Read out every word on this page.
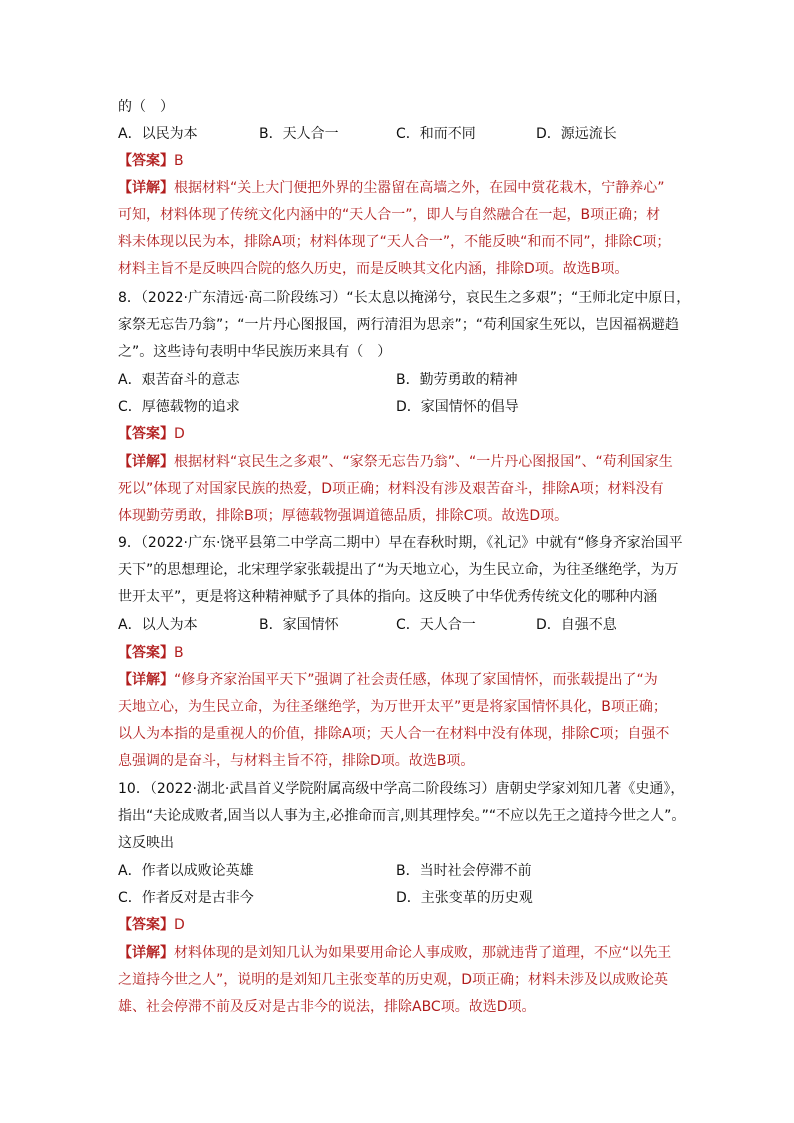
的（　）
A．以民为本	B．天人合一	C．和而不同	D．源远流长
【答案】B
【详解】根据材料“关上大门便把外界的尘嚣留在高墙之外，在园中赏花栽木，宁静养心”
可知，材料体现了传统文化内涵中的“天人合一”，即人与自然融合在一起，B项正确；材
料未体现以民为本，排除A项；材料体现了“天人合一”，不能反映“和而不同”，排除C项；
材料主旨不是反映四合院的悠久历史，而是反映其文化内涵，排除D项。故选B项。
8．（2022·广东清远·高二阶段练习）“长太息以掩涕兮，哀民生之多艰”；“王师北定中原日，
家祭无忘告乃翁”；“一片丹心图报国，两行清泪为思亲”；“苟利国家生死以，岂因福祸避趋
之”。这些诗句表明中华民族历来具有（　）
A．艰苦奋斗的意志	B．勤劳勇敢的精神
C．厚德载物的追求	D．家国情怀的倡导
【答案】D
【详解】根据材料“哀民生之多艰”、“家祭无忘告乃翁”、“一片丹心图报国”、“苟利国家生
死以”体现了对国家民族的热爱，D项正确；材料没有涉及艰苦奋斗，排除A项；材料没有
体现勤劳勇敢，排除B项；厚德载物强调道德品质，排除C项。故选D项。
9．（2022·广东·饶平县第二中学高二期中）早在春秋时期，《礼记》中就有“修身齐家治国平
天下”的思想理论，北宋理学家张载提出了“为天地立心，为生民立命，为往圣继绝学，为万
世开太平”，更是将这种精神赋予了具体的指向。这反映了中华优秀传统文化的哪种内涵
A．以人为本	B．家国情怀	C．天人合一	D．自强不息
【答案】B
【详解】“修身齐家治国平天下”强调了社会责任感，体现了家国情怀，而张载提出了“为
天地立心，为生民立命，为往圣继绝学，为万世开太平”更是将家国情怀具化，B项正确；
以人为本指的是重视人的价值，排除A项；天人合一在材料中没有体现，排除C项；自强不
息强调的是奋斗，与材料主旨不符，排除D项。故选B项。
10．（2022·湖北·武昌首义学院附属高级中学高二阶段练习）唐朝史学家刘知几著《史通》，
指出“夫论成败者,固当以人事为主,必推命而言,则其理悖矣。”“不应以先王之道持今世之人”。
这反映出
A．作者以成败论英雄	B．当时社会停滞不前
C．作者反对是古非今	D．主张变革的历史观
【答案】D
【详解】材料体现的是刘知几认为如果要用命论人事成败，那就违背了道理，不应“以先王
之道持今世之人”，说明的是刘知几主张变革的历史观，D项正确；材料未涉及以成败论英
雄、社会停滞不前及反对是古非今的说法，排除ABC项。故选D项。
